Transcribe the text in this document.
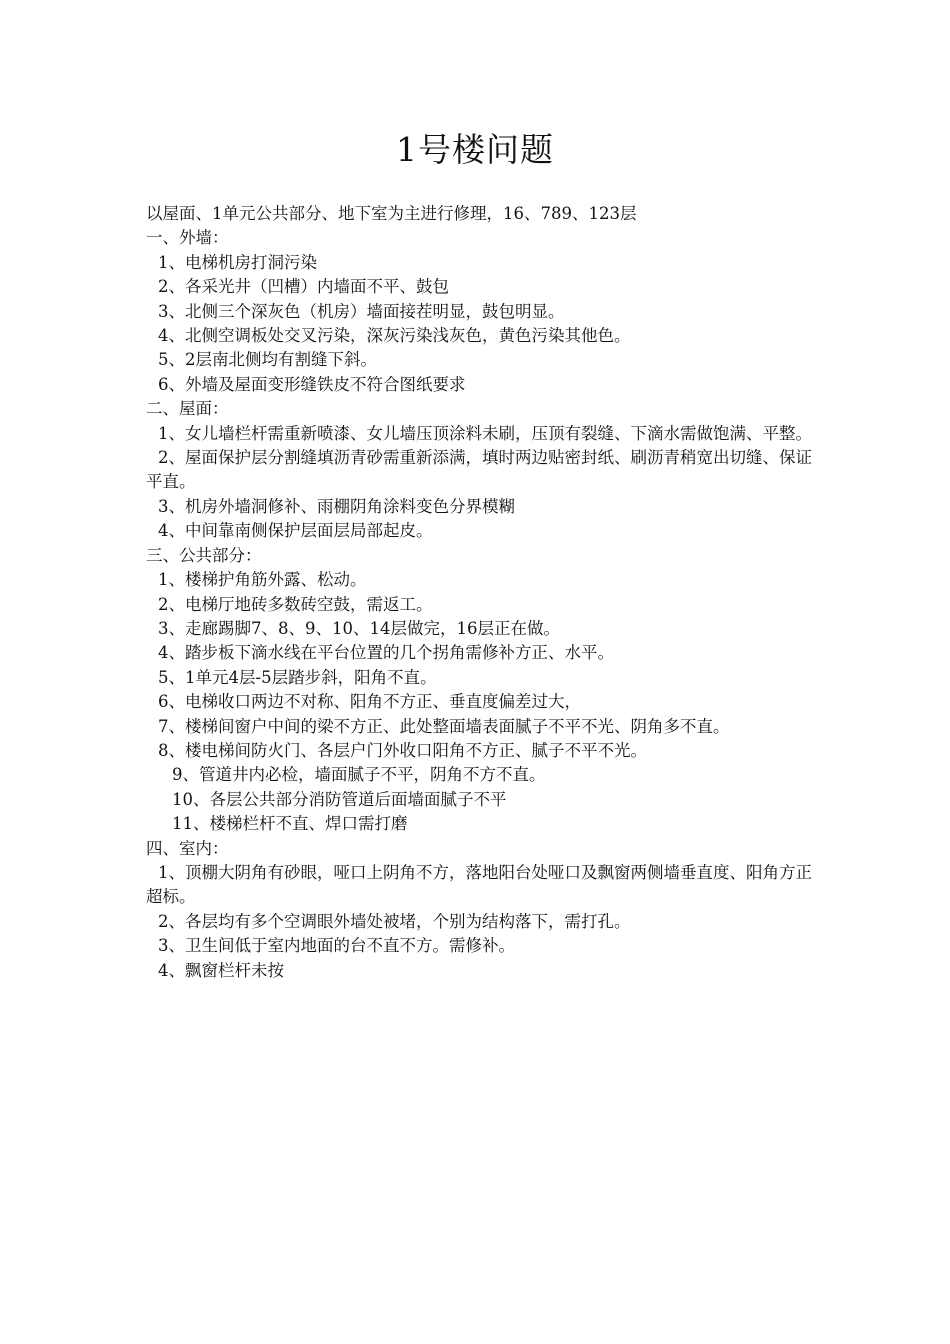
1号楼问题
以屋面、1单元公共部分、地下室为主进行修理，16、789、123层
一、外墙：
1、电梯机房打洞污染
2、各采光井（凹槽）内墙面不平、鼓包
3、北侧三个深灰色（机房）墙面接茬明显，鼓包明显。
4、北侧空调板处交叉污染，深灰污染浅灰色，黄色污染其他色。
5、2层南北侧均有割缝下斜。
6、外墙及屋面变形缝铁皮不符合图纸要求
二、屋面：
1、女儿墙栏杆需重新喷漆、女儿墙压顶涂料未刷，压顶有裂缝、下滴水需做饱满、平整。
2、屋面保护层分割缝填沥青砂需重新添满，填时两边贴密封纸、刷沥青稍宽出切缝、保证平直。
3、机房外墙洞修补、雨棚阴角涂料变色分界模糊
4、中间靠南侧保护层面层局部起皮。
三、公共部分：
1、楼梯护角筋外露、松动。
2、电梯厅地砖多数砖空鼓，需返工。
3、走廊踢脚7、8、9、10、14层做完，16层正在做。
4、踏步板下滴水线在平台位置的几个拐角需修补方正、水平。
5、1单元4层-5层踏步斜，阳角不直。
6、电梯收口两边不对称、阳角不方正、垂直度偏差过大，
7、楼梯间窗户中间的梁不方正、此处整面墙表面腻子不平不光、阴角多不直。
8、楼电梯间防火门、各层户门外收口阳角不方正、腻子不平不光。
9、管道井内必检，墙面腻子不平，阴角不方不直。
10、各层公共部分消防管道后面墙面腻子不平
11、楼梯栏杆不直、焊口需打磨
四、室内：
1、顶棚大阴角有砂眼，哑口上阴角不方，落地阳台处哑口及飘窗两侧墙垂直度、阳角方正超标。
2、各层均有多个空调眼外墙处被堵，个别为结构落下，需打孔。
3、卫生间低于室内地面的台不直不方。需修补。
4、飘窗栏杆未按
